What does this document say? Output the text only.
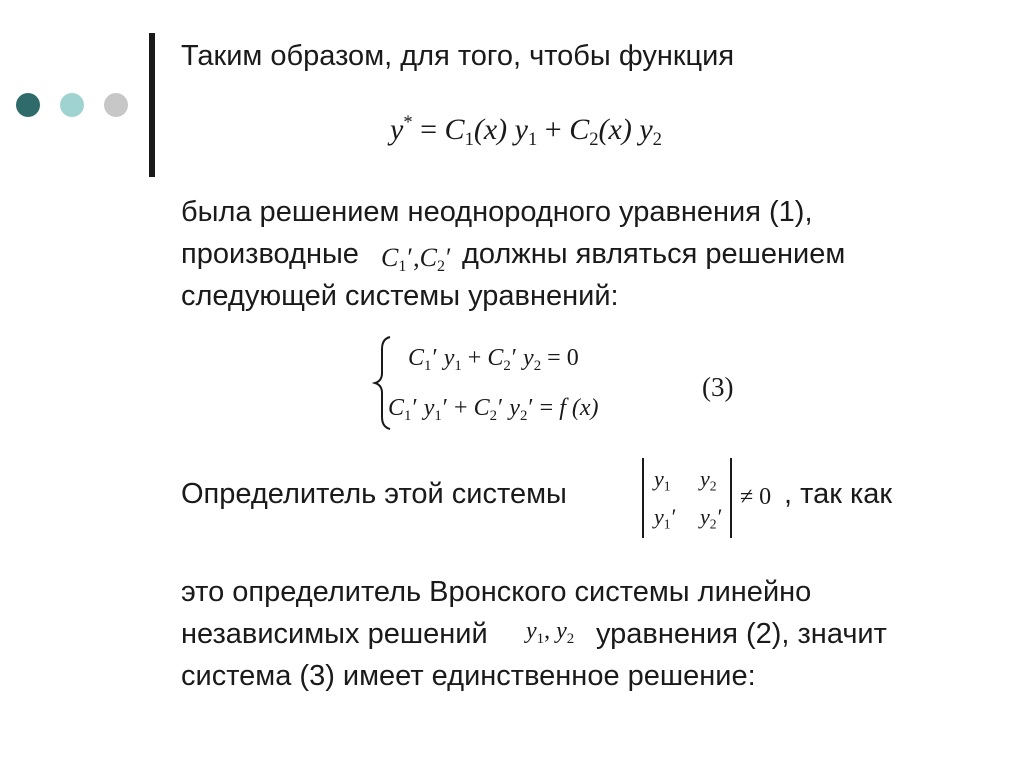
Таким образом, для того, чтобы функция
$y^* = C_1(x) y_1 + C_2(x)$ $y_2$
была решением неоднородного уравнения (1),
производные $C_1',C_2'$ должны являться решением
следующей системы уравнений:
$C_1'$ $y_1 + C_2'$ $y_2 = 0$
$C_1'$ $y_1' + C_2'$ $y_2' = f$ (x)
(3)
Определитель этой системы	$y_1$ $y_2$
$y_1'$ $y_2'$
≠ 0 , так как
это определитель Вронского системы линейно
независимых решений $y_1$, $y_2$ уравнения (2), значит
система (3) имеет единственное решение:
